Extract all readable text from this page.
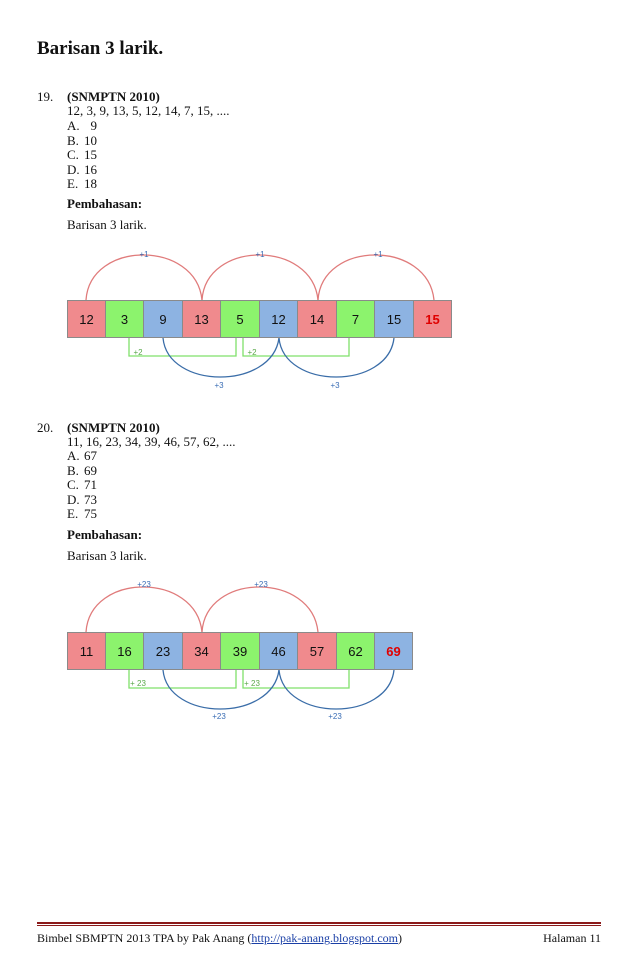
Barisan 3 larik.
19. (SNMPTN 2010)
12, 3, 9, 13, 5, 12, 14, 7, 15, ....
A.  9
B. 10
C. 15
D. 16
E. 18
Pembahasan:
Barisan 3 larik.
+1	+1	+1
12	3	9	13	5	12	14	7	15	15
+2	+2
+3	+3
20. (SNMPTN 2010)
11, 16, 23, 34, 39, 46, 57, 62, ....
A. 67
B. 69
C. 71
D. 73
E. 75
Pembahasan:
Barisan 3 larik.
+23	+23
11	16	23	34	39	46	57	62	69
+ 23	+ 23
+23	+23
Bimbel SBMPTN 2013 TPA by Pak Anang (http://pak-anang.blogspot.com)	Halaman 11
